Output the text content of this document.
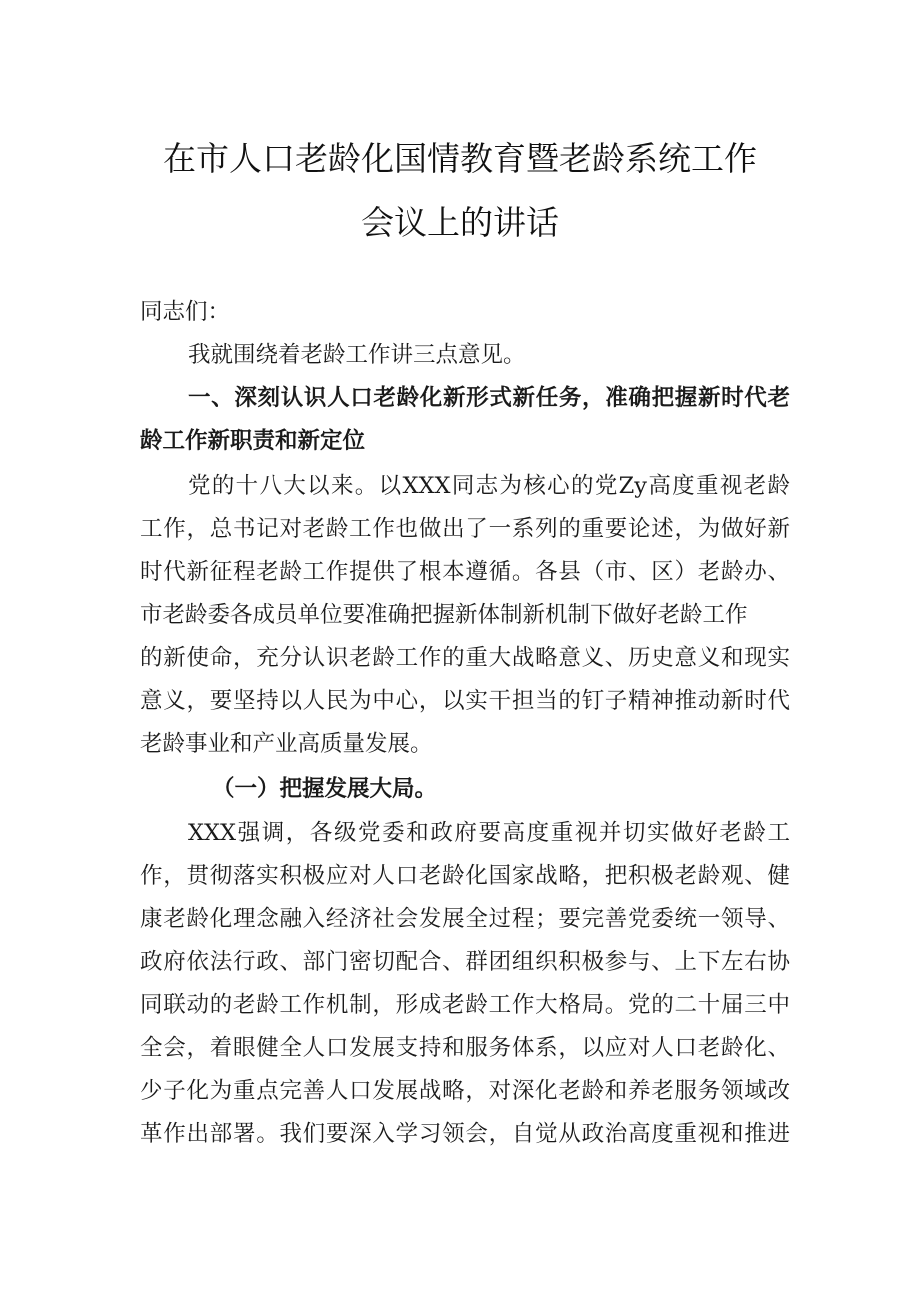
在市人口老龄化国情教育暨老龄系统工作
会议上的讲话
同志们：
我就围绕着老龄工作讲三点意见。
一、深刻认识人口老龄化新形式新任务，准确把握新时代老
龄工作新职责和新定位
党的十八大以来。以XXX同志为核心的党Zy高度重视老龄
工作，总书记对老龄工作也做出了一系列的重要论述，为做好新
时代新征程老龄工作提供了根本遵循。各县（市、区）老龄办、
市老龄委各成员单位要准确把握新体制新机制下做好老龄工作
的新使命，充分认识老龄工作的重大战略意义、历史意义和现实
意义，要坚持以人民为中心，以实干担当的钉子精神推动新时代
老龄事业和产业高质量发展。
（一）把握发展大局。
XXX强调，各级党委和政府要高度重视并切实做好老龄工
作，贯彻落实积极应对人口老龄化国家战略，把积极老龄观、健
康老龄化理念融入经济社会发展全过程；要完善党委统一领导、
政府依法行政、部门密切配合、群团组织积极参与、上下左右协
同联动的老龄工作机制，形成老龄工作大格局。党的二十届三中
全会，着眼健全人口发展支持和服务体系，以应对人口老龄化、
少子化为重点完善人口发展战略，对深化老龄和养老服务领域改
革作出部署。我们要深入学习领会，自觉从政治高度重视和推进
